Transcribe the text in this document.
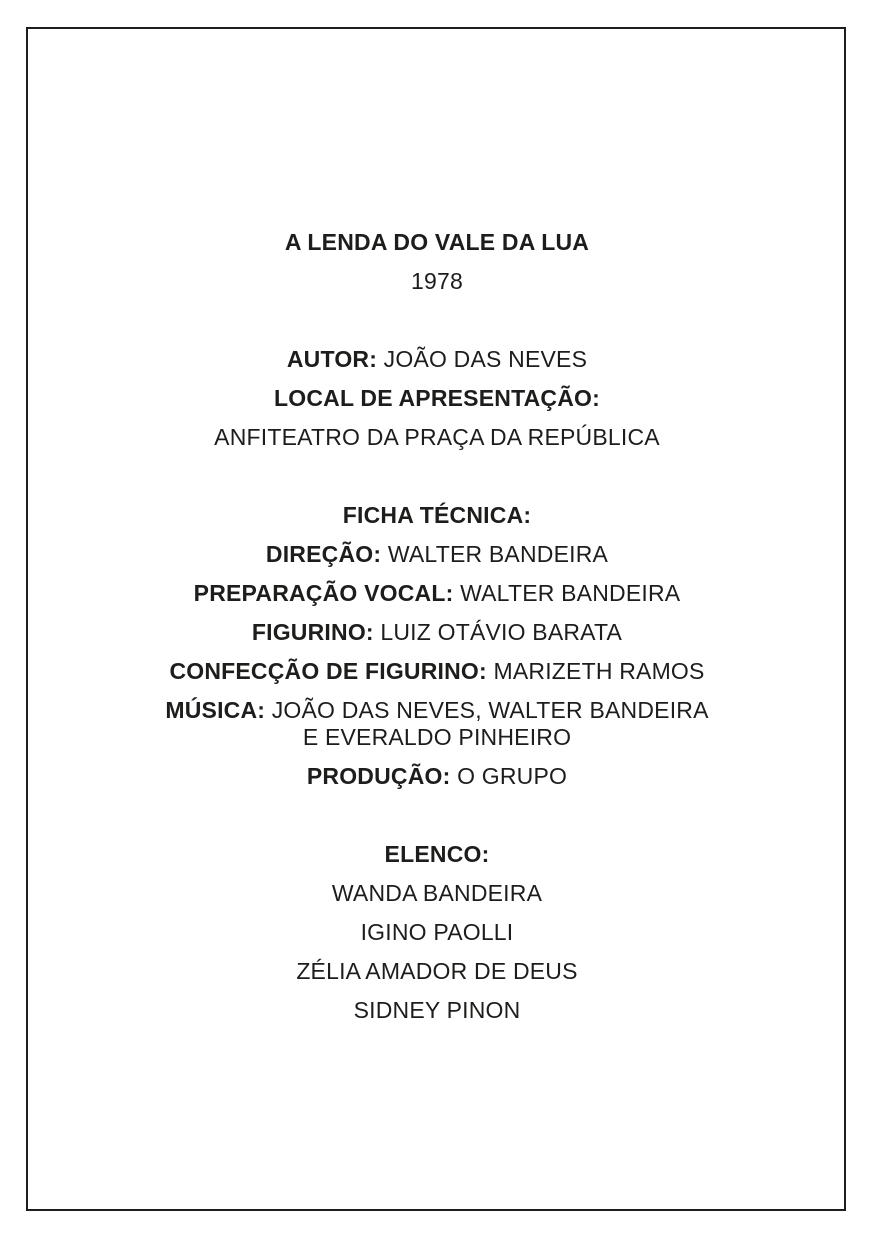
A LENDA DO VALE DA LUA
1978
AUTOR: JOÃO DAS NEVES
LOCAL DE APRESENTAÇÃO:
ANFITEATRO DA PRAÇA DA REPÚBLICA
FICHA TÉCNICA:
DIREÇÃO: WALTER BANDEIRA
PREPARAÇÃO VOCAL: WALTER BANDEIRA
FIGURINO: LUIZ OTÁVIO BARATA
CONFECÇÃO DE FIGURINO: MARIZETH RAMOS
MÚSICA: JOÃO DAS NEVES, WALTER BANDEIRA
E EVERALDO PINHEIRO
PRODUÇÃO: O GRUPO
ELENCO:
WANDA BANDEIRA
IGINO PAOLLI
ZÉLIA AMADOR DE DEUS
SIDNEY PINON
